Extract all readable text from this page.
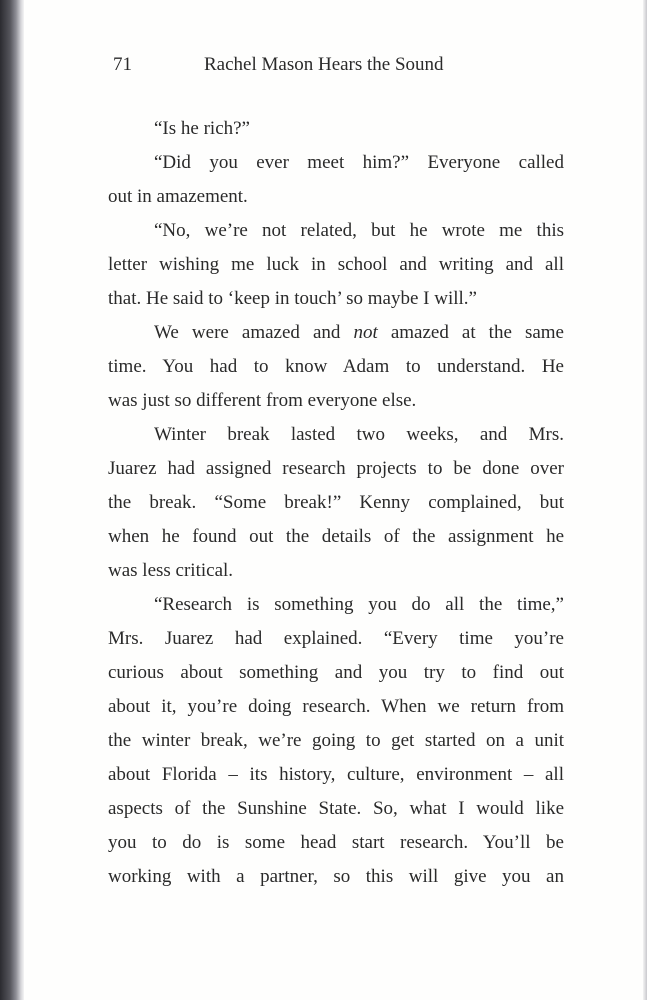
71	Rachel Mason Hears the Sound
“Is he rich?”
“Did you ever meet him?” Everyone called
out in amazement.
“No, we’re not related, but he wrote me this
letter wishing me luck in school and writing and all
that. He said to ‘keep in touch’ so maybe I will.”
We were amazed and not amazed at the same
time. You had to know Adam to understand. He
was just so different from everyone else.
Winter break lasted two weeks, and Mrs.
Juarez had assigned research projects to be done over
the break. “Some break!” Kenny complained, but
when he found out the details of the assignment he
was less critical.
“Research is something you do all the time,”
Mrs. Juarez had explained. “Every time you’re
curious about something and you try to find out
about it, you’re doing research. When we return from
the winter break, we’re going to get started on a unit
about Florida – its history, culture, environment – all
aspects of the Sunshine State. So, what I would like
you to do is some head start research. You’ll be
working with a partner, so this will give you an
